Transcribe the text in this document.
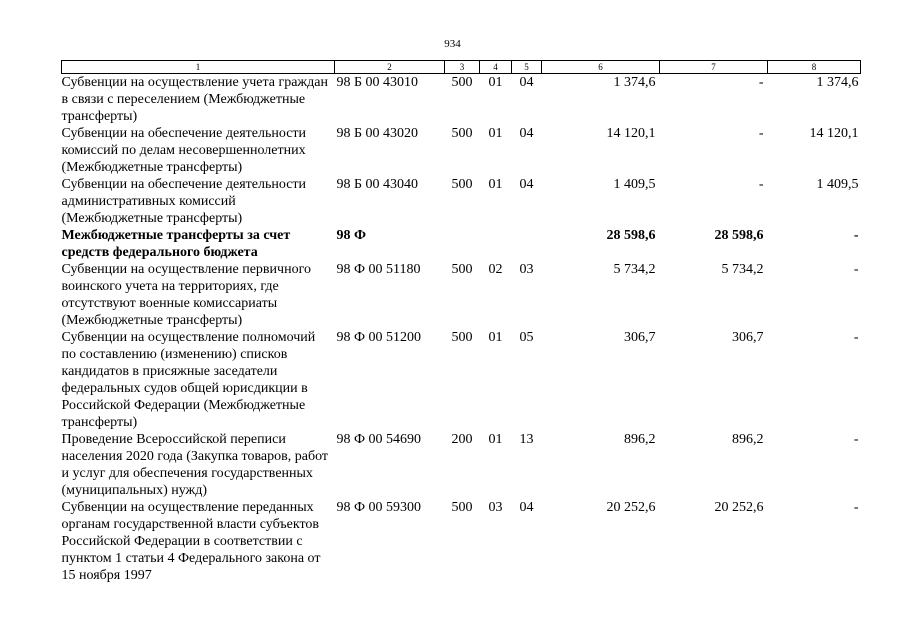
934
1	2	3	4	5	6	7	8
Субвенции на осуществление учета граждан в связи с переселением (Межбюджетные трансферты)	98 Б 00 43010	500	01	04	1 374,6	-	1 374,6
Субвенции на обеспечение деятельности комиссий по делам несовершеннолетних (Межбюджетные трансферты)	98 Б 00 43020	500	01	04	14 120,1	-	14 120,1
Субвенции на обеспечение деятельности административных комиссий (Межбюджетные трансферты)	98 Б 00 43040	500	01	04	1 409,5	-	1 409,5
Межбюджетные трансферты за счет средств федерального бюджета	98 Ф				28 598,6	28 598,6	-
Субвенции на осуществление первичного воинского учета на территориях, где отсутствуют военные комиссариаты (Межбюджетные трансферты)	98 Ф 00 51180	500	02	03	5 734,2	5 734,2	-
Субвенции на осуществление полномочий по составлению (изменению) списков кандидатов в присяжные заседатели федеральных судов общей юрисдикции в Российской Федерации (Межбюджетные трансферты)	98 Ф 00 51200	500	01	05	306,7	306,7	-
Проведение Всероссийской переписи населения 2020 года (Закупка товаров, работ и услуг для обеспечения государственных (муниципальных) нужд)	98 Ф 00 54690	200	01	13	896,2	896,2	-
Субвенции на осуществление переданных органам государственной власти субъектов Российской Федерации в соответствии с пунктом 1 статьи 4 Федерального закона от 15 ноября 1997	98 Ф 00 59300	500	03	04	20 252,6	20 252,6	-
